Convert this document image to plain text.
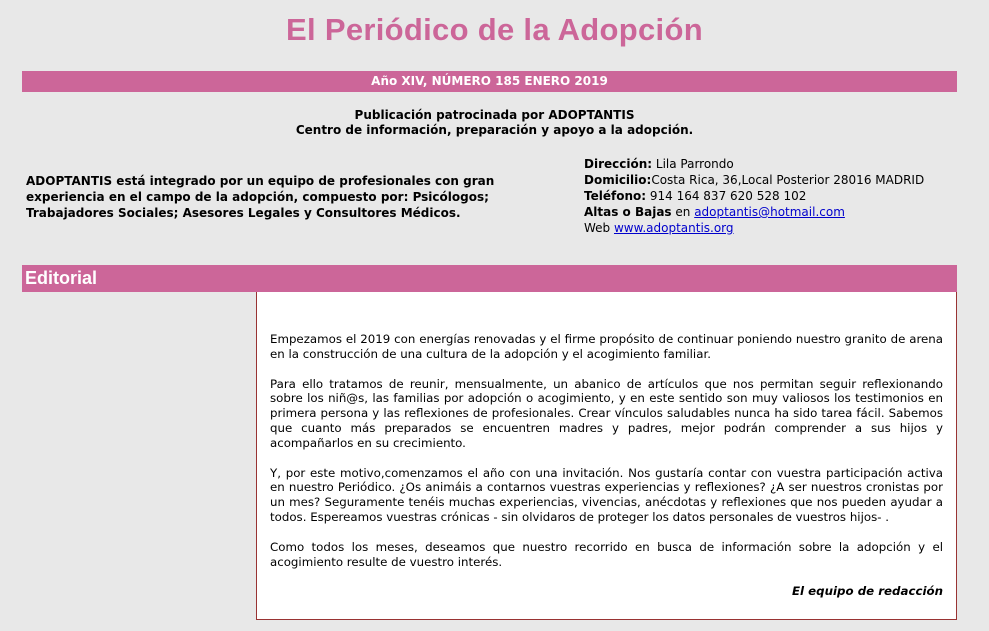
El Periódico de la Adopción
Año XIV, NÚMERO 185 ENERO 2019
Publicación patrocinada por ADOPTANTIS
Centro de información, preparación y apoyo a la adopción.
ADOPTANTIS está integrado por un equipo de profesionales con gran experiencia en el campo de la adopción, compuesto por: Psicólogos; Trabajadores Sociales; Asesores Legales y Consultores Médicos.
Dirección: Lila Parrondo
Domicilio:Costa Rica, 36,Local Posterior 28016 MADRID
Teléfono: 914 164 837 620 528 102
Altas o Bajas en adoptantis@hotmail.com
Web www.adoptantis.org
Editorial

Empezamos el 2019 con energías renovadas y el firme propósito de continuar poniendo nuestro granito de arena en la construcción de una cultura de la adopción y el acogimiento familiar.

Para ello tratamos de reunir, mensualmente, un abanico de artículos que nos permitan seguir reflexionando sobre los niñ@s, las familias por adopción o acogimiento, y en este sentido son muy valiosos los testimonios en primera persona y las reflexiones de profesionales. Crear vínculos saludables nunca ha sido tarea fácil. Sabemos que cuanto más preparados se encuentren madres y padres, mejor podrán comprender a sus hijos y acompañarlos en su crecimiento.

Y, por este motivo,comenzamos el año con una invitación. Nos gustaría contar con vuestra participación activa en nuestro Periódico. ¿Os animáis a contarnos vuestras experiencias y reflexiones? ¿A ser nuestros cronistas por un mes? Seguramente tenéis muchas experiencias, vivencias, anécdotas y reflexiones que nos pueden ayudar a todos. Espereamos vuestras crónicas - sin olvidaros de proteger los datos personales de vuestros hijos- .

Como todos los meses, deseamos que nuestro recorrido en busca de información sobre la adopción y el acogimiento resulte de vuestro interés.

El equipo de redacción
